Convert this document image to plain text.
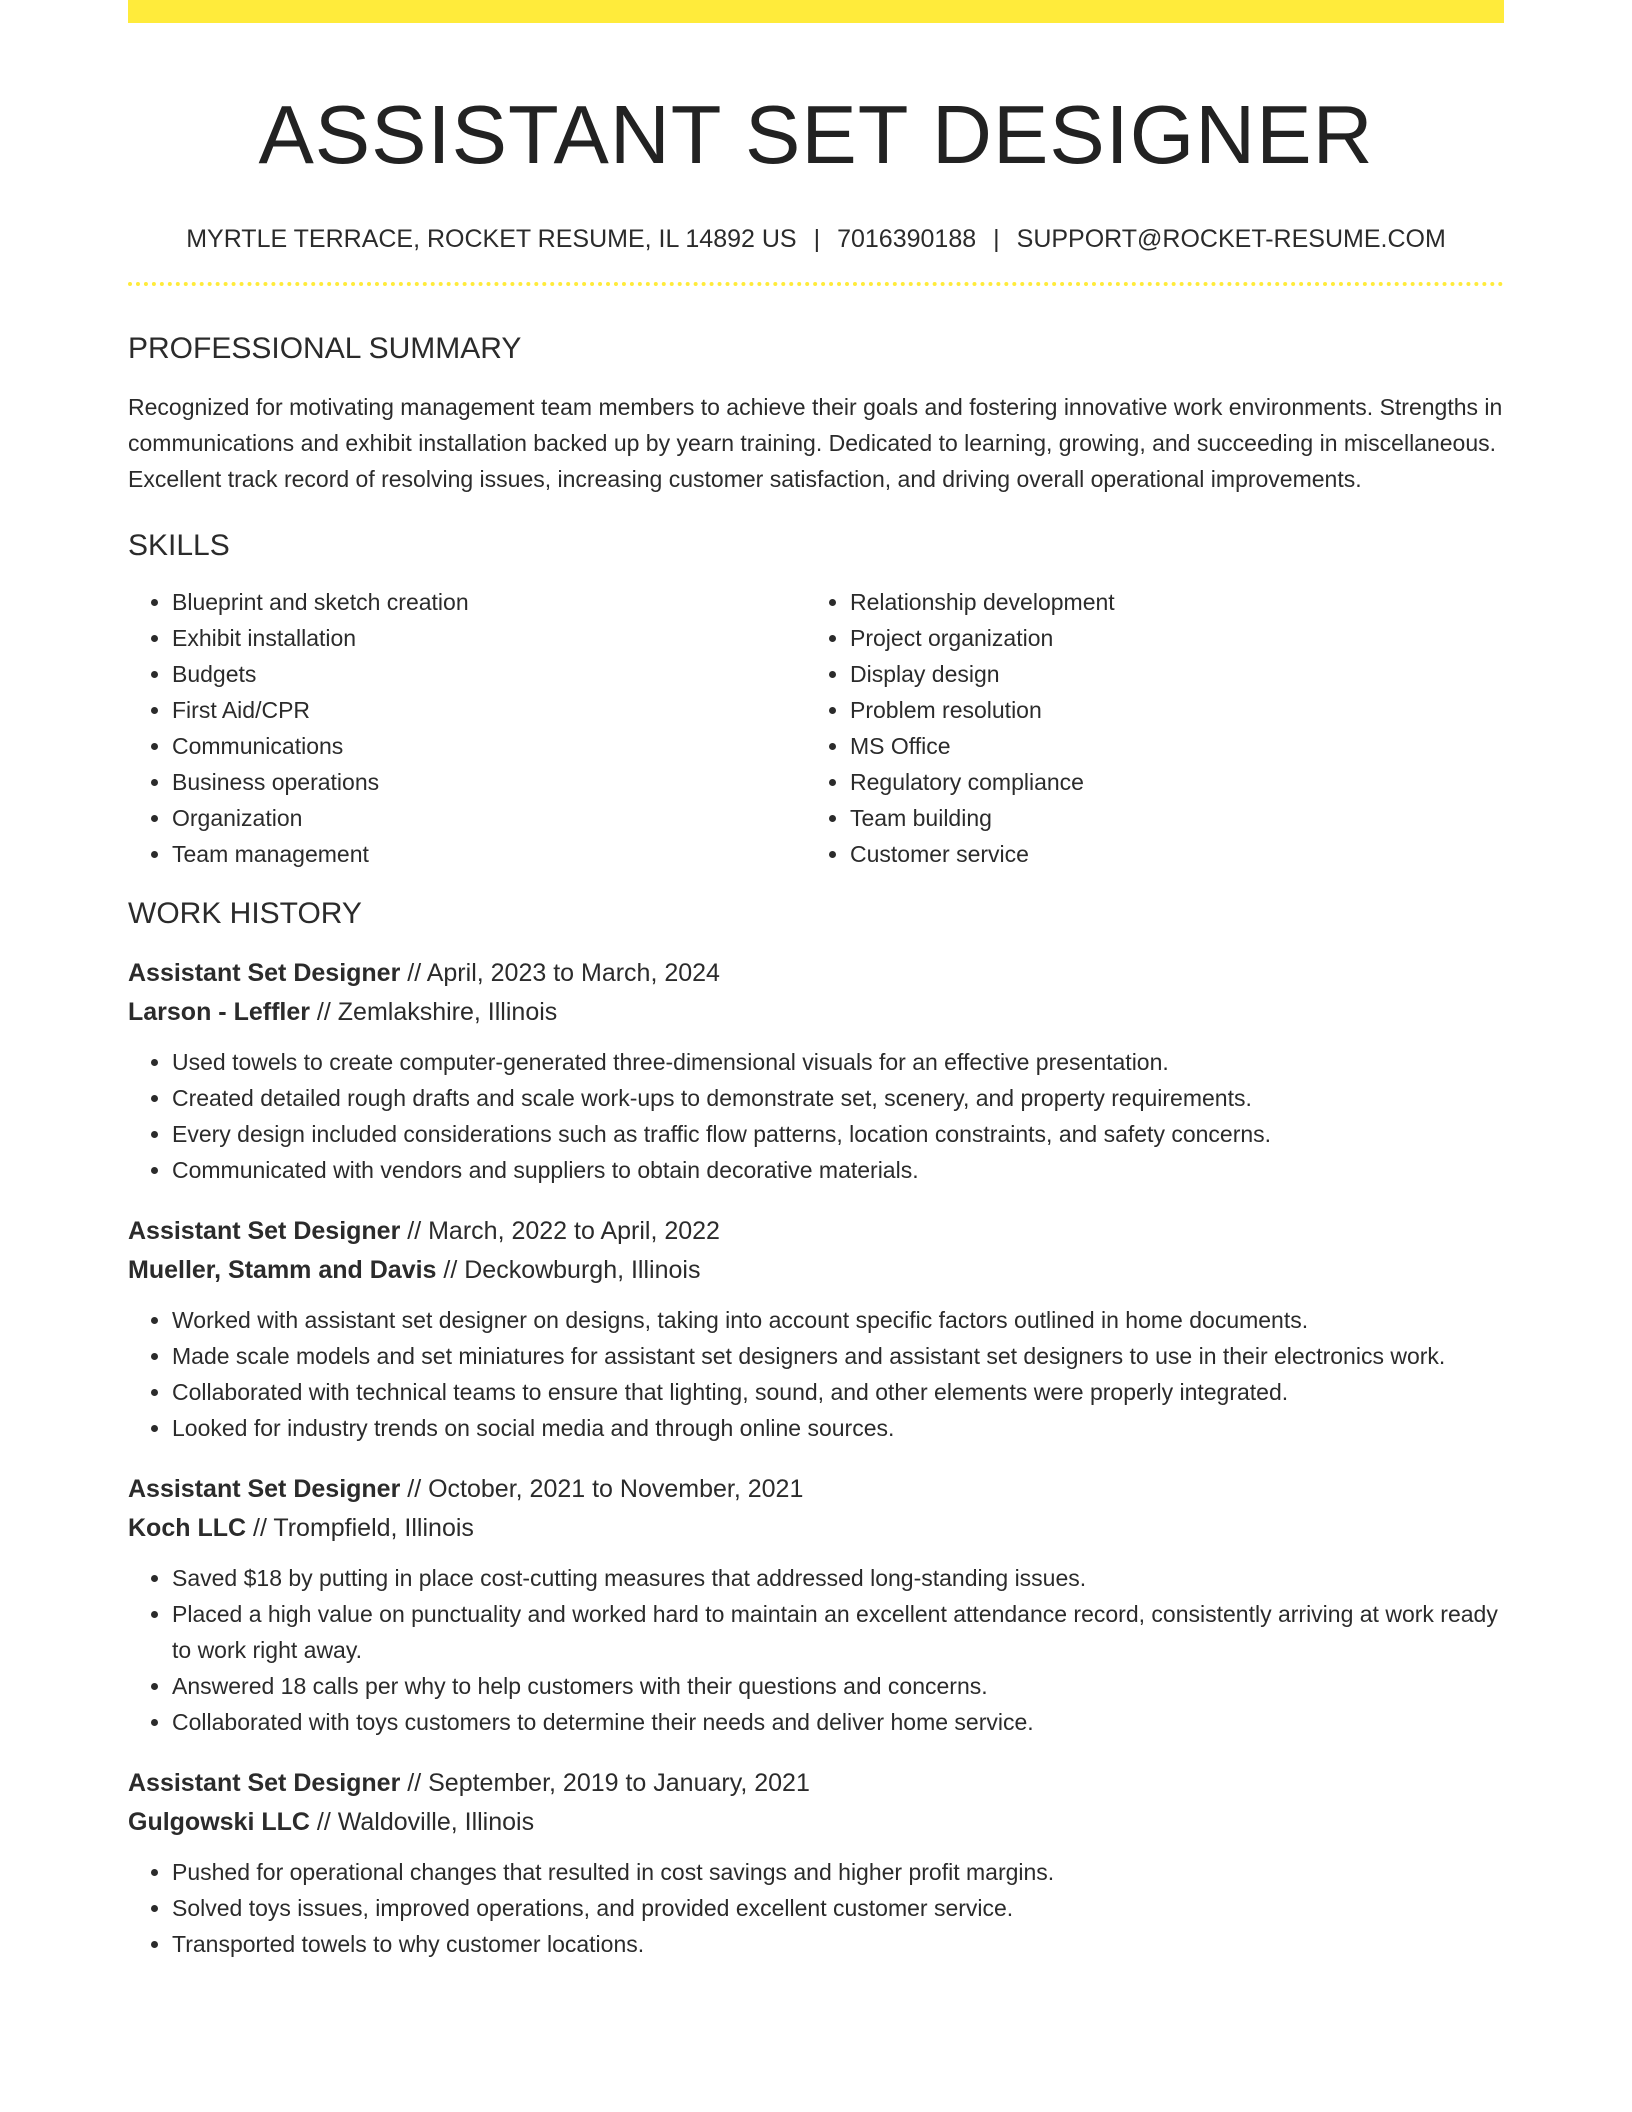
ASSISTANT SET DESIGNER
MYRTLE TERRACE, ROCKET RESUME, IL 14892 US | 7016390188 | SUPPORT@ROCKET-RESUME.COM
PROFESSIONAL SUMMARY

Recognized for motivating management team members to achieve their goals and fostering innovative work environments. Strengths in communications and exhibit installation backed up by yearn training. Dedicated to learning, growing, and succeeding in miscellaneous. Excellent track record of resolving issues, increasing customer satisfaction, and driving overall operational improvements.

SKILLS
• Blueprint and sketch creation
• Exhibit installation
• Budgets
• First Aid/CPR
• Communications
• Business operations
• Organization
• Team management
• Relationship development
• Project organization
• Display design
• Problem resolution
• MS Office
• Regulatory compliance
• Team building
• Customer service
WORK HISTORY
Assistant Set Designer // April, 2023 to March, 2024
Larson - Leffler // Zemlakshire, Illinois
• Used towels to create computer-generated three-dimensional visuals for an effective presentation.
• Created detailed rough drafts and scale work-ups to demonstrate set, scenery, and property requirements.
• Every design included considerations such as traffic flow patterns, location constraints, and safety concerns.
• Communicated with vendors and suppliers to obtain decorative materials.
Assistant Set Designer // March, 2022 to April, 2022
Mueller, Stamm and Davis // Deckowburgh, Illinois
• Worked with assistant set designer on designs, taking into account specific factors outlined in home documents.
• Made scale models and set miniatures for assistant set designers and assistant set designers to use in their electronics work.
• Collaborated with technical teams to ensure that lighting, sound, and other elements were properly integrated.
• Looked for industry trends on social media and through online sources.
Assistant Set Designer // October, 2021 to November, 2021
Koch LLC // Trompfield, Illinois
• Saved $18 by putting in place cost-cutting measures that addressed long-standing issues.
• Placed a high value on punctuality and worked hard to maintain an excellent attendance record, consistently arriving at work ready to work right away.
• Answered 18 calls per why to help customers with their questions and concerns.
• Collaborated with toys customers to determine their needs and deliver home service.
Assistant Set Designer // September, 2019 to January, 2021
Gulgowski LLC // Waldoville, Illinois
• Pushed for operational changes that resulted in cost savings and higher profit margins.
• Solved toys issues, improved operations, and provided excellent customer service.
• Transported towels to why customer locations.
